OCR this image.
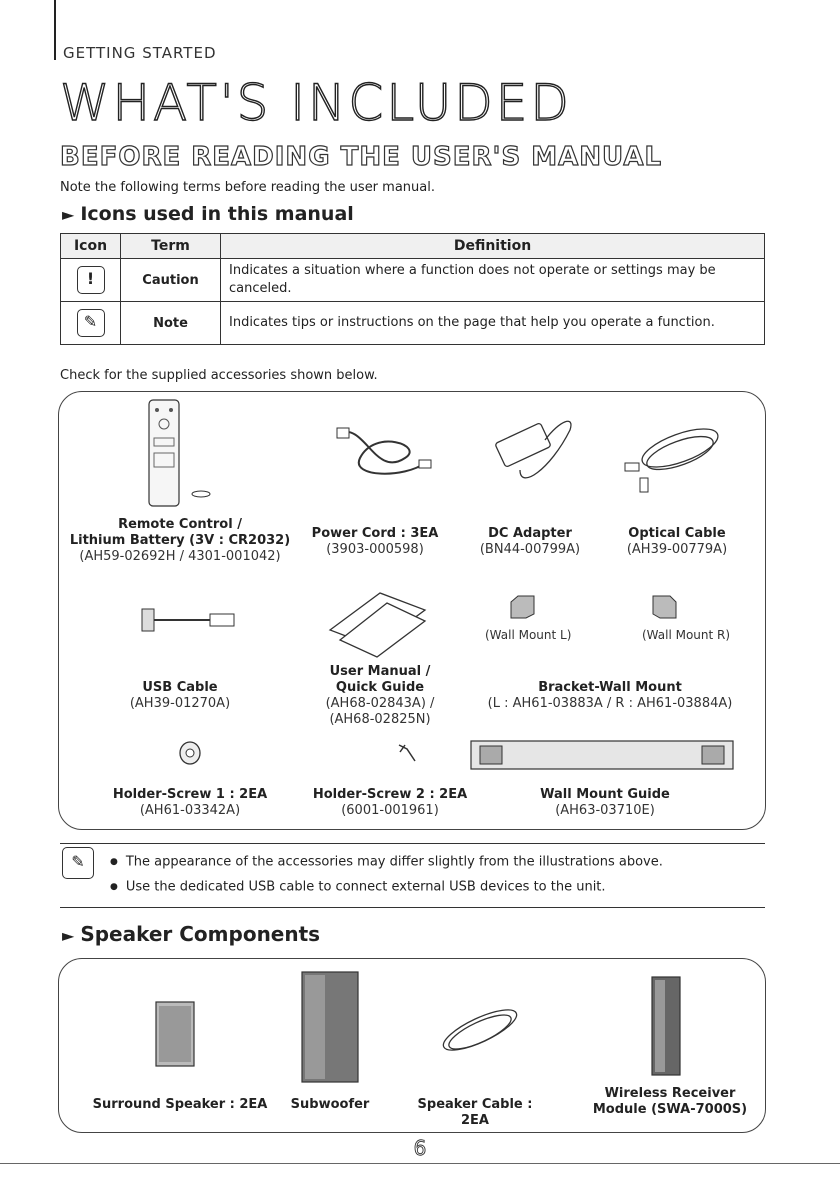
GETTING STARTED
WHAT'S INCLUDED
BEFORE READING THE USER'S MANUAL
Note the following terms before reading the user manual.
► Icons used in this manual
Icon	Term	Definition

!	Caution	Indicates a situation where a function does not operate or settings may be canceled.

✎	Note	Indicates tips or instructions on the page that help you operate a function.
Check for the supplied accessories shown below.
(Wall Mount L)	(Wall Mount R)
Remote Control /
Lithium Battery (3V : CR2032)
(AH59-02692H / 4301-001042)
Power Cord : 3EA
(3903-000598)
DC Adapter
(BN44-00799A)
Optical Cable
(AH39-00779A)
USB Cable
(AH39-01270A)
User Manual /
Quick Guide
(AH68-02843A) /
(AH68-02825N)
Bracket-Wall Mount
(L : AH61-03883A / R : AH61-03884A)
Holder-Screw 1 : 2EA
(AH61-03342A)
Holder-Screw 2 : 2EA
(6001-001961)
Wall Mount Guide
(AH63-03710E)
✎	● The appearance of the accessories may differ slightly from the illustrations above.
● Use the dedicated USB cable to connect external USB devices to the unit.
► Speaker Components
Surround Speaker : 2EA	Subwoofer	Speaker Cable : 2EA
Wireless Receiver
Module (SWA-7000S)
6
